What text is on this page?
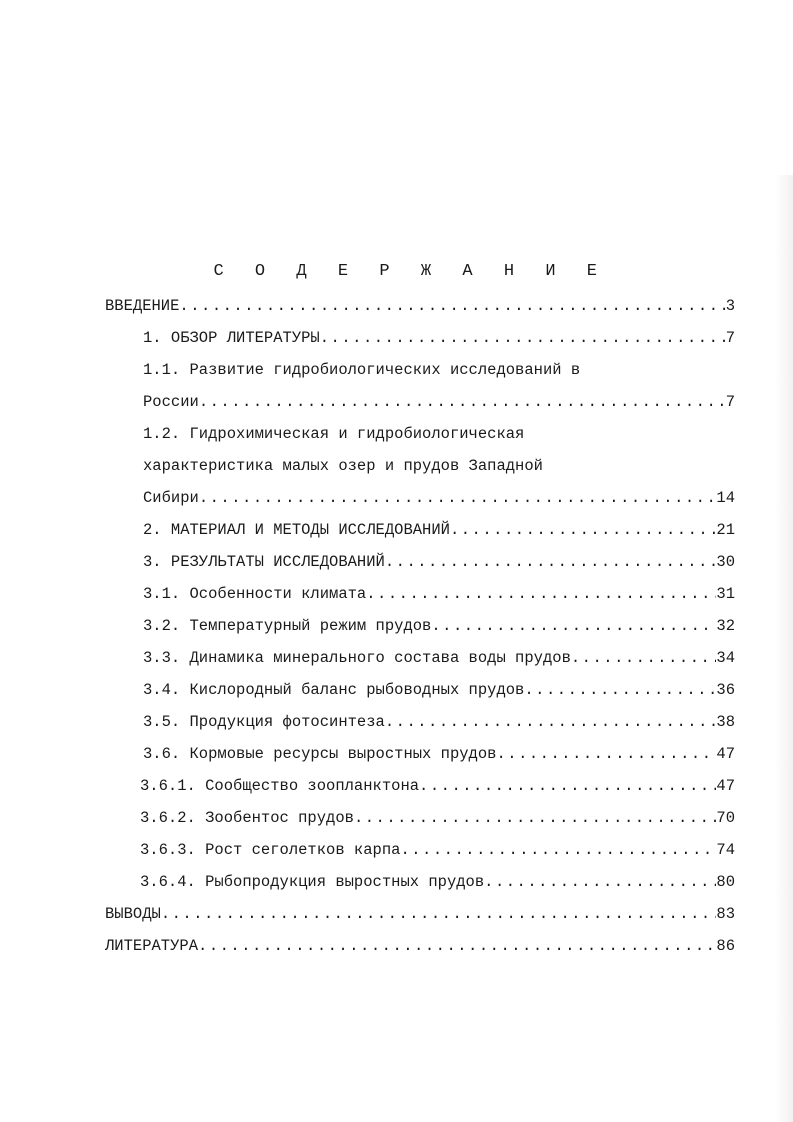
С О Д Е Р Ж А Н И Е
ВВЕДЕНИЕ .....	3
1. ОБЗОР ЛИТЕРАТУРЫ .....	7
1.1. Развитие гидробиологических исследований в
России .....	7
1.2. Гидрохимическая и гидробиологическая
характеристика малых озер и прудов Западной
Сибири .....	14
2. МАТЕРИАЛ И МЕТОДЫ ИССЛЕДОВАНИЙ .....	21
3. РЕЗУЛЬТАТЫ ИССЛЕДОВАНИЙ .....	30
3.1. Особенности климата .....	31
3.2. Температурный режим прудов .....	32
3.3. Динамика минерального состава воды прудов .....	34
3.4. Кислородный баланс рыбоводных прудов .....	36
3.5. Продукция фотосинтеза .....	38
3.6. Кормовые ресурсы выростных прудов .....	47
3.6.1. Сообщество зоопланктона .....	47
3.6.2. Зообентос прудов .....	70
3.6.3. Рост сеголетков карпа .....	74
3.6.4. Рыбопродукция выростных прудов .....	80
ВЫВОДЫ .....	83
ЛИТЕРАТУРА .....	86
